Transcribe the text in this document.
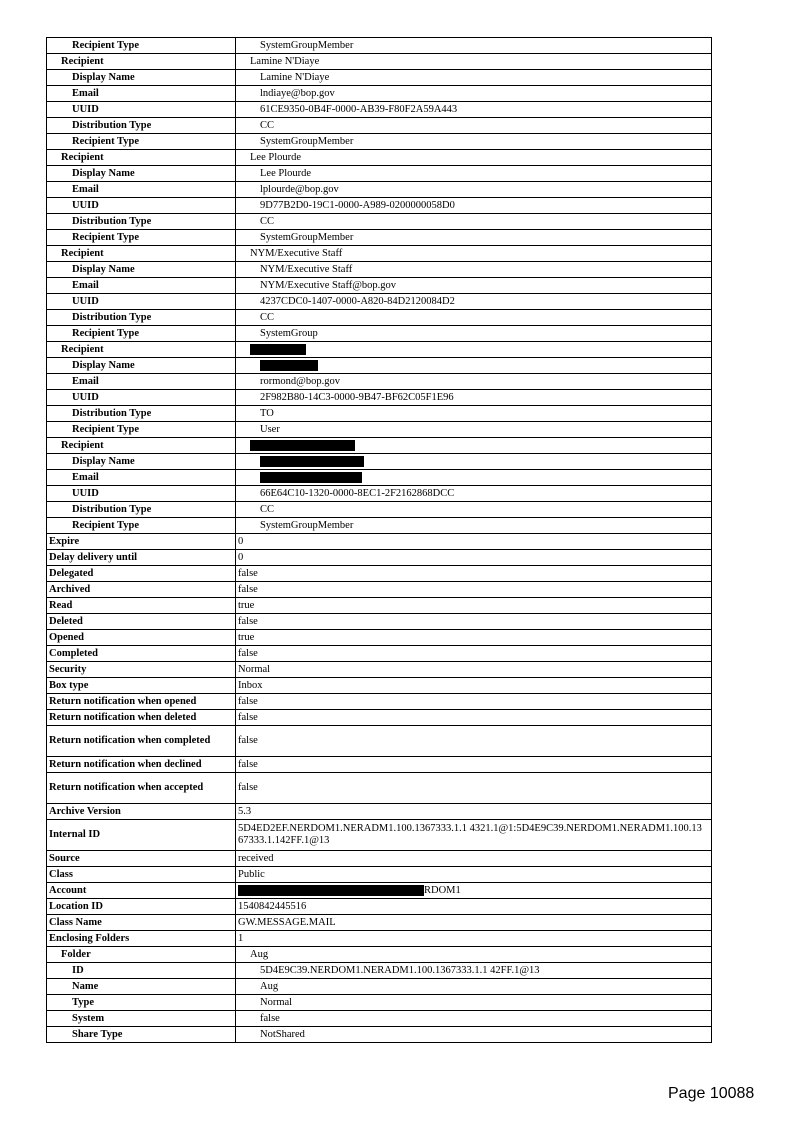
Recipient Type	SystemGroupMember
Recipient	Lamine N'Diaye
Display Name	Lamine N'Diaye
Email	lndiaye@bop.gov
UUID	61CE9350-0B4F-0000-AB39-F80F2A59A443
Distribution Type	CC
Recipient Type	SystemGroupMember
Recipient	Lee Plourde
Display Name	Lee Plourde
Email	lplourde@bop.gov
UUID	9D77B2D0-19C1-0000-A989-0200000058D0
Distribution Type	CC
Recipient Type	SystemGroupMember
Recipient	NYM/Executive Staff
Display Name	NYM/Executive Staff
Email	NYM/Executive Staff@bop.gov
UUID	4237CDC0-1407-0000-A820-84D2120084D2
Distribution Type	CC
Recipient Type	SystemGroup
Recipient	
Display Name	
Email	rormond@bop.gov
UUID	2F982B80-14C3-0000-9B47-BF62C05F1E96
Distribution Type	TO
Recipient Type	User
Recipient	
Display Name	
Email	
UUID	66E64C10-1320-0000-8EC1-2F2162868DCC
Distribution Type	CC
Recipient Type	SystemGroupMember
Expire	0
Delay delivery until	0
Delegated	false
Archived	false
Read	true
Deleted	false
Opened	true
Completed	false
Security	Normal
Box type	Inbox
Return notification when opened	false
Return notification when deleted	false
Return notification when completed	false
Return notification when declined	false
Return notification when accepted	false
Archive Version	5.3
Internal ID	5D4ED2EF.NERDOM1.NERADM1.100.1367333.1.1 4321.1@1:5D4E9C39.NERDOM1.NERADM1.100.13 67333.1.142FF.1@13
Source	received
Class	Public
Account	RDOM1
Location ID	1540842445516
Class Name	GW.MESSAGE.MAIL
Enclosing Folders	1
Folder	Aug
ID	5D4E9C39.NERDOM1.NERADM1.100.1367333.1.1 42FF.1@13
Name	Aug
Type	Normal
System	false
Share Type	NotShared
Page 10088
